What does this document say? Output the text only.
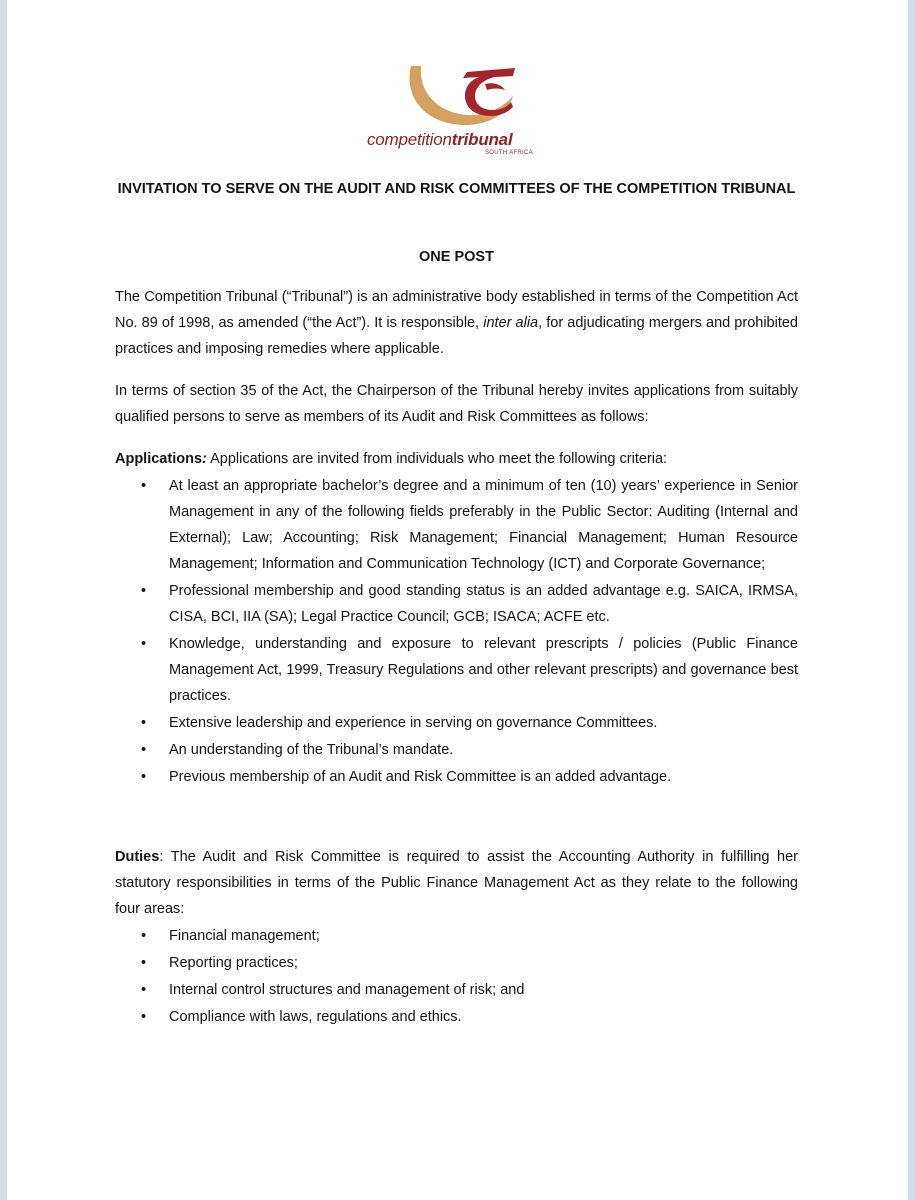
competitiontribunal
SOUTH AFRICA
INVITATION TO SERVE ON THE AUDIT AND RISK COMMITTEES OF THE COMPETITION TRIBUNAL
ONE POST
The Competition Tribunal (“Tribunal”) is an administrative body established in terms of the Competition Act No. 89 of 1998, as amended (“the Act”). It is responsible, inter alia, for adjudicating mergers and prohibited practices and imposing remedies where applicable.
In terms of section 35 of the Act, the Chairperson of the Tribunal hereby invites applications from suitably qualified persons to serve as members of its Audit and Risk Committees as follows:
Applications: Applications are invited from individuals who meet the following criteria:
• At least an appropriate bachelor’s degree and a minimum of ten (10) years’ experience in Senior Management in any of the following fields preferably in the Public Sector: Auditing (Internal and External); Law; Accounting; Risk Management; Financial Management; Human Resource Management; Information and Communication Technology (ICT) and Corporate Governance;
• Professional membership and good standing status is an added advantage e.g. SAICA, IRMSA, CISA, BCI, IIA (SA); Legal Practice Council; GCB; ISACA; ACFE etc.
• Knowledge, understanding and exposure to relevant prescripts / policies (Public Finance Management Act, 1999, Treasury Regulations and other relevant prescripts) and governance best practices.
• Extensive leadership and experience in serving on governance Committees.
• An understanding of the Tribunal’s mandate.
• Previous membership of an Audit and Risk Committee is an added advantage.
Duties: The Audit and Risk Committee is required to assist the Accounting Authority in fulfilling her statutory responsibilities in terms of the Public Finance Management Act as they relate to the following four areas:
• Financial management;
• Reporting practices;
• Internal control structures and management of risk; and
• Compliance with laws, regulations and ethics.
